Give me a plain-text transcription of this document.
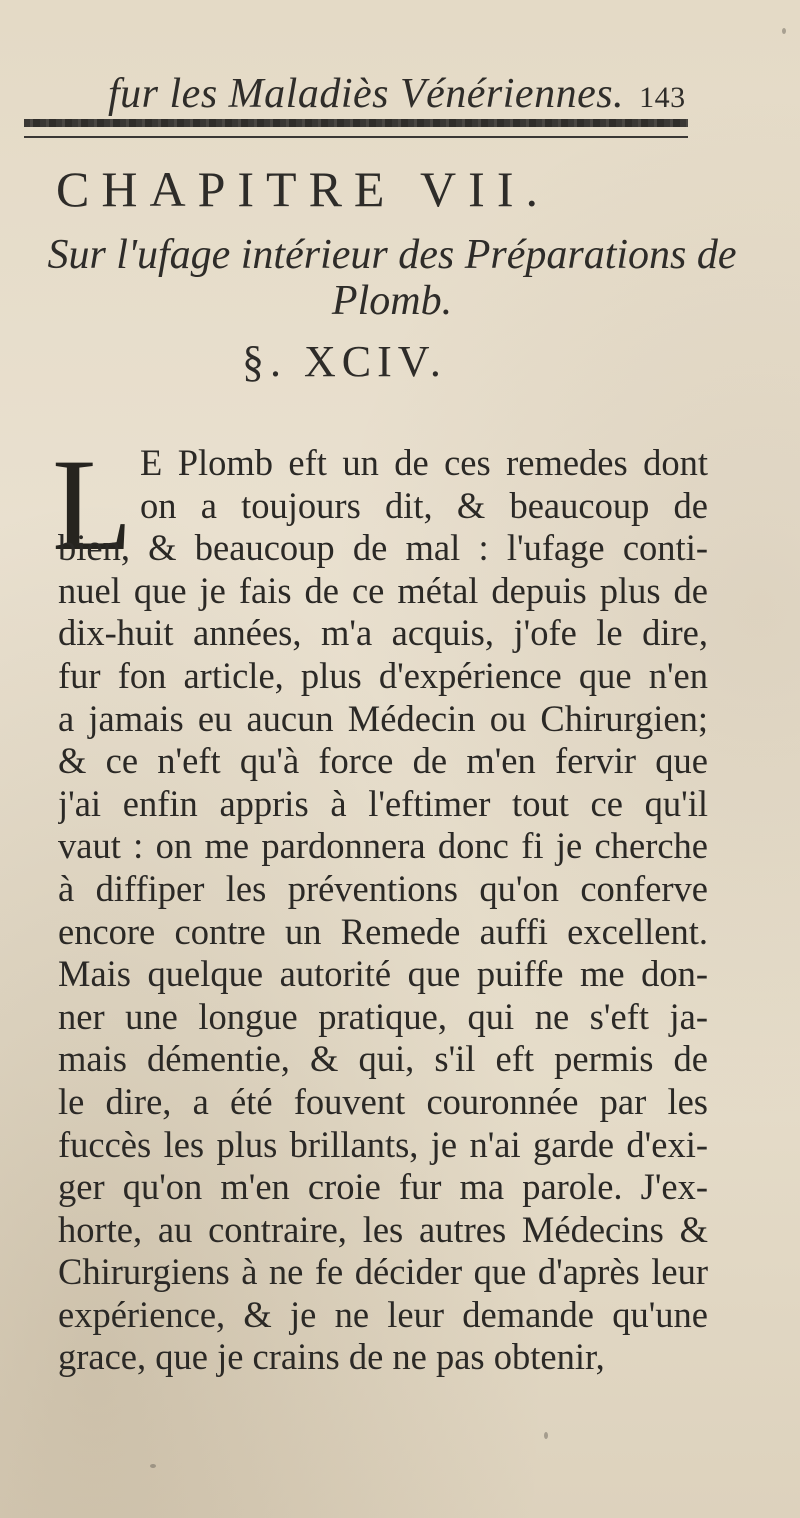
fur les Maladiès Vénériennes. 143
CHAPITRE VII.
Sur l'ufage intérieur des Préparations de
Plomb.
§. XCIV.
L E Plomb eft un de ces remedes dont
on a toujours dit, & beaucoup de
bien, & beaucoup de mal : l'ufage conti-
nuel que je fais de ce métal depuis plus de
dix-huit années, m'a acquis, j'ofe le dire,
fur fon article, plus d'expérience que n'en
a jamais eu aucun Médecin ou Chirurgien;
& ce n'eft qu'à force de m'en fervir que
j'ai enfin appris à l'eftimer tout ce qu'il
vaut : on me pardonnera donc fi je cherche
à diffiper les préventions qu'on conferve
encore contre un Remede auffi excellent.
Mais quelque autorité que puiffe me don-
ner une longue pratique, qui ne s'eft ja-
mais démentie, & qui, s'il eft permis de
le dire, a été fouvent couronnée par les
fuccès les plus brillants, je n'ai garde d'exi-
ger qu'on m'en croie fur ma parole. J'ex-
horte, au contraire, les autres Médecins &
Chirurgiens à ne fe décider que d'après leur
expérience, & je ne leur demande qu'une
grace, que je crains de ne pas obtenir,
